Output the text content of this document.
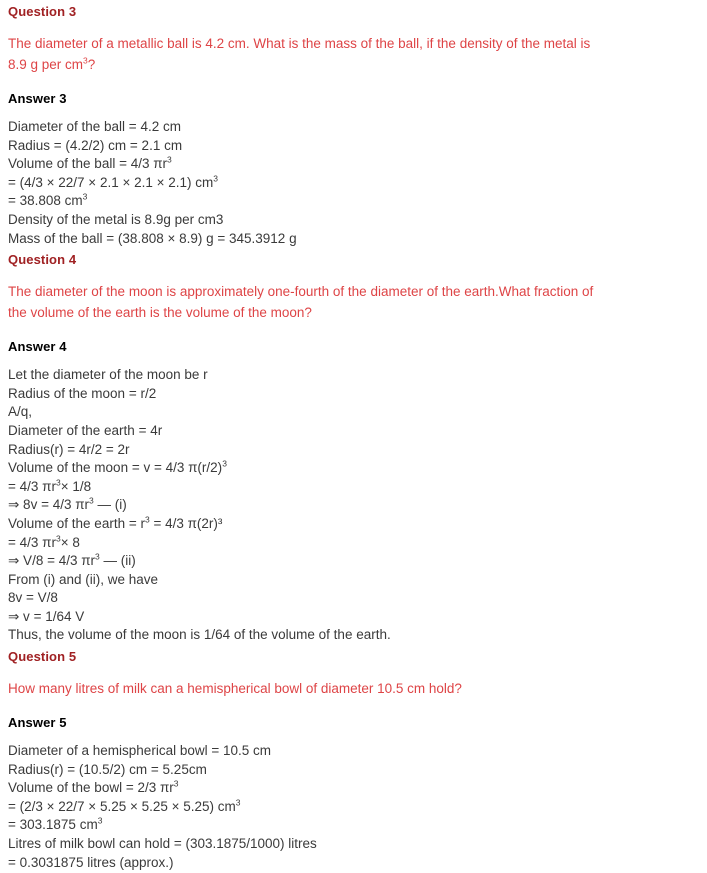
Question 3
The diameter of a metallic ball is 4.2 cm. What is the mass of the ball, if the density of the metal is 8.9 g per $cm^3$?
Answer 3
Diameter of the ball = 4.2 cm
Radius = (4.2/2) cm = 2.1 cm
Volume of the ball = 4/3 $\pi r^3$
= (4/3 × 22/7 × 2.1 × 2.1 × 2.1) $cm^3$
= 38.808 $cm^3$
Density of the metal is 8.9g per cm3
Mass of the ball = (38.808 × 8.9) g = 345.3912 g
Question 4
The diameter of the moon is approximately one-fourth of the diameter of the earth.What fraction of the volume of the earth is the volume of the moon?
Answer 4
Let the diameter of the moon be r
Radius of the moon = r/2
A/q,
Diameter of the earth = 4r
Radius(r) = 4r/2 = 2r
Volume of the moon = v = 4/3 $\pi(r/2)^3$
= 4/3 $\pi r^3\times 1/8$
⇒ 8v = 4/3 $\pi r^3$ — (i)
Volume of the earth = $r^3 = 4/3$ π(2r)³
= 4/3 $\pi r^3\times 8$
⇒ V/8 = 4/3 $\pi r^3$ — (ii)
From (i) and (ii), we have
8v = V/8
⇒ v = 1/64 V
Thus, the volume of the moon is 1/64 of the volume of the earth.
Question 5
How many litres of milk can a hemispherical bowl of diameter 10.5 cm hold?
Answer 5
Diameter of a hemispherical bowl = 10.5 cm
Radius(r) = (10.5/2) cm = 5.25cm
Volume of the bowl = 2/3 $\pi r^3$
= (2/3 × 22/7 × 5.25 × 5.25 × 5.25) $cm^3$
= 303.1875 $cm^3$
Litres of milk bowl can hold = (303.1875/1000) litres
= 0.3031875 litres (approx.)
